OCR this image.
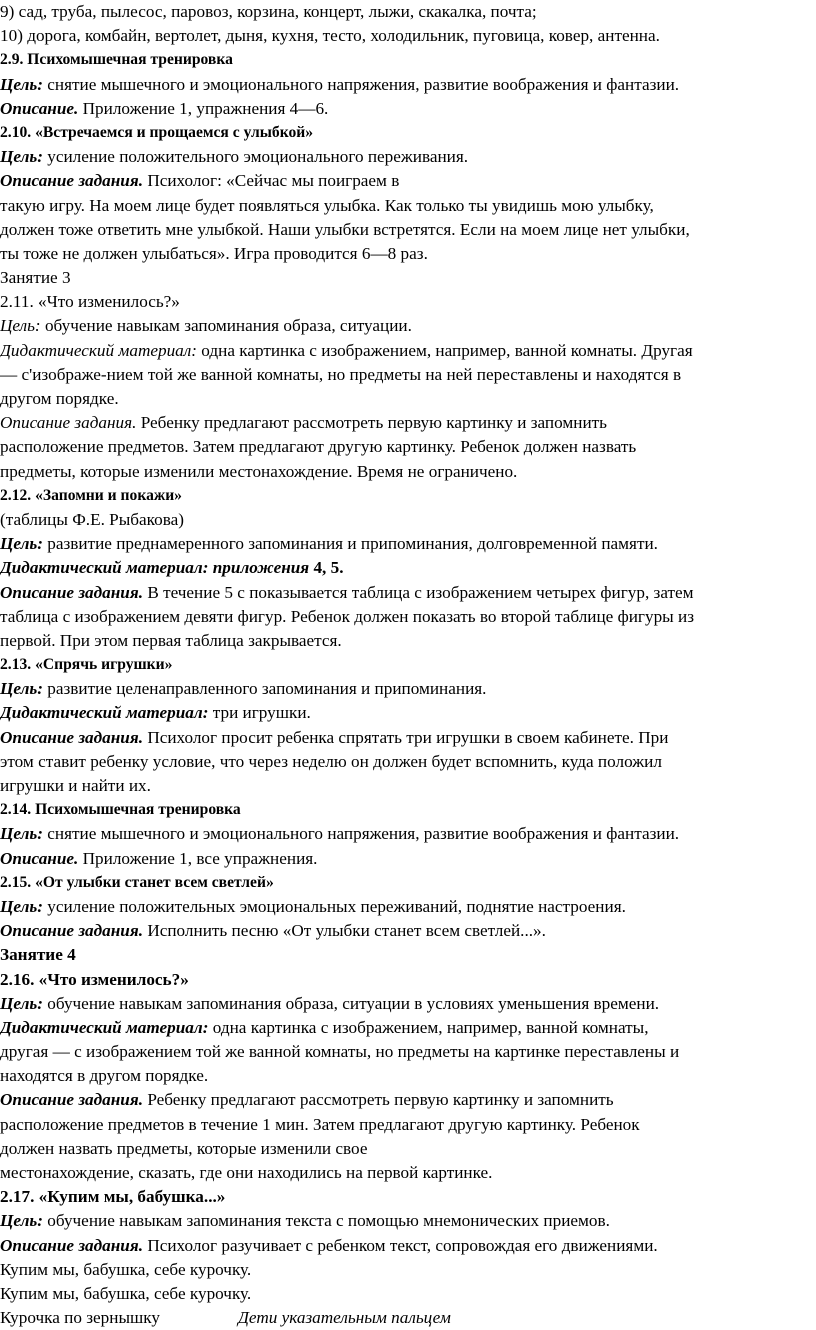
9) сад, труба, пылесос, паровоз, корзина, концерт, лыжи, скакалка, почта;
10) дорога, комбайн, вертолет, дыня, кухня, тесто, холодильник, пуговица, ковер, антенна.
2.9. Психомышечная тренировка
Цель: снятие мышечного и эмоционального напряжения, развитие воображения и фантазии.
Описание. Приложение 1, упражнения 4—6.
2.10. «Встречаемся и прощаемся с улыбкой»
Цель: усиление положительного эмоционального переживания.
Описание задания. Психолог: «Сейчас мы поиграем в
такую игру. На моем лице будет появляться улыбка. Как только ты увидишь мою улыбку,
должен тоже ответить мне улыбкой. Наши улыбки встретятся. Если на моем лице нет улыбки,
ты тоже не должен улыбаться». Игра проводится 6—8 раз.
Занятие 3
2.11. «Что изменилось?»
Цель: обучение навыкам запоминания образа, ситуации.
Дидактический материал: одна картинка с изображением, например, ванной комнаты. Другая
— с'изображе-нием той же ванной комнаты, но предметы на ней переставлены и находятся в
другом порядке.
Описание задания. Ребенку предлагают рассмотреть первую картинку и запомнить
расположение предметов. Затем предлагают другую картинку. Ребенок должен назвать
предметы, которые изменили местонахождение. Время не ограничено.
2.12. «Запомни и покажи»
(таблицы Ф.Е. Рыбакова)
Цель: развитие преднамеренного запоминания и припоминания, долговременной памяти.
Дидактический материал: приложения 4, 5.
Описание задания. В течение 5 с показывается таблица с изображением четырех фигур, затем
таблица с изображением девяти фигур. Ребенок должен показать во второй таблице фигуры из
первой. При этом первая таблица закрывается.
2.13. «Спрячь игрушки»
Цель: развитие целенаправленного запоминания и припоминания.
Дидактический материал: три игрушки.
Описание задания. Психолог просит ребенка спрятать три игрушки в своем кабинете. При
этом ставит ребенку условие, что через неделю он должен будет вспомнить, куда положил
игрушки и найти их.
2.14. Психомышечная тренировка
Цель: снятие мышечного и эмоционального напряжения, развитие воображения и фантазии.
Описание. Приложение 1, все упражнения.
2.15. «От улыбки станет всем светлей»
Цель: усиление положительных эмоциональных переживаний, поднятие настроения.
Описание задания. Исполнить песню «От улыбки станет всем светлей...».
Занятие 4
2.16. «Что изменилось?»
Цель: обучение навыкам запоминания образа, ситуации в условиях уменьшения времени.
Дидактический материал: одна картинка с изображением, например, ванной комнаты,
другая — с изображением той же ванной комнаты, но предметы на картинке переставлены и
находятся в другом порядке.
Описание задания. Ребенку предлагают рассмотреть первую картинку и запомнить
расположение предметов в течение 1 мин. Затем предлагают другую картинку. Ребенок
должен назвать предметы, которые изменили свое
местонахождение, сказать, где они находились на первой картинке.
2.17. «Купим мы, бабушка...»
Цель: обучение навыкам запоминания текста с помощью мнемонических приемов.
Описание задания. Психолог разучивает с ребенком текст, сопровождая его движениями.
Купим мы, бабушка, себе курочку.
Купим мы, бабушка, себе курочку.
Курочка по зернышку	Дети указательным пальцем
